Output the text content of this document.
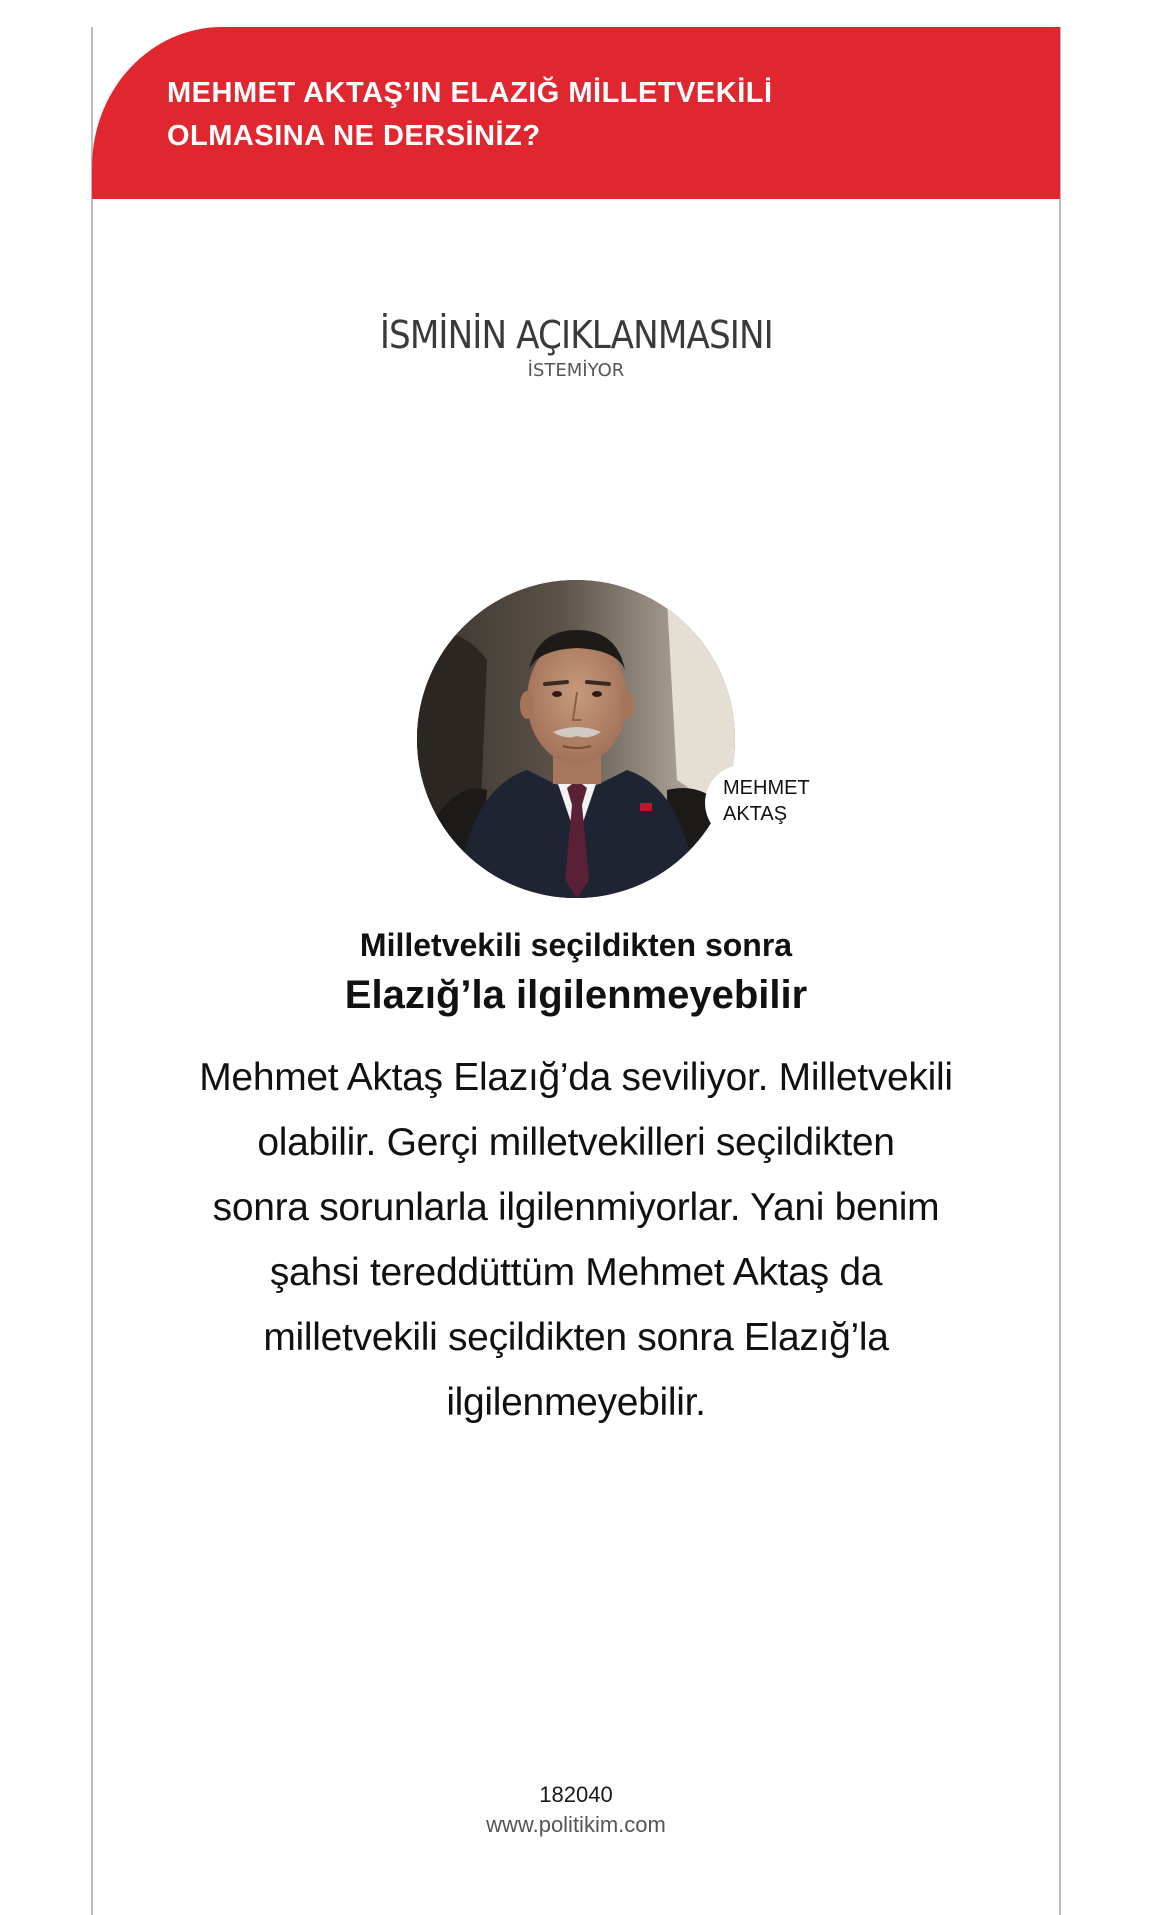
MEHMET AKTAŞ’IN ELAZIĞ MİLLETVEKİLİ
OLMASINA NE DERSİNİZ?
İSMİNİN AÇIKLANMASINI
İSTEMİYOR
MEHMET
AKTAŞ
Milletvekili seçildikten sonra
Elazığ’la ilgilenmeyebilir

Mehmet Aktaş Elazığ’da seviliyor. Milletvekili
olabilir. Gerçi milletvekilleri seçildikten
sonra sorunlarla ilgilenmiyorlar. Yani benim
şahsi tereddüttüm Mehmet Aktaş da
milletvekili seçildikten sonra Elazığ’la
ilgilenmeyebilir.

182040
www.politikim.com
